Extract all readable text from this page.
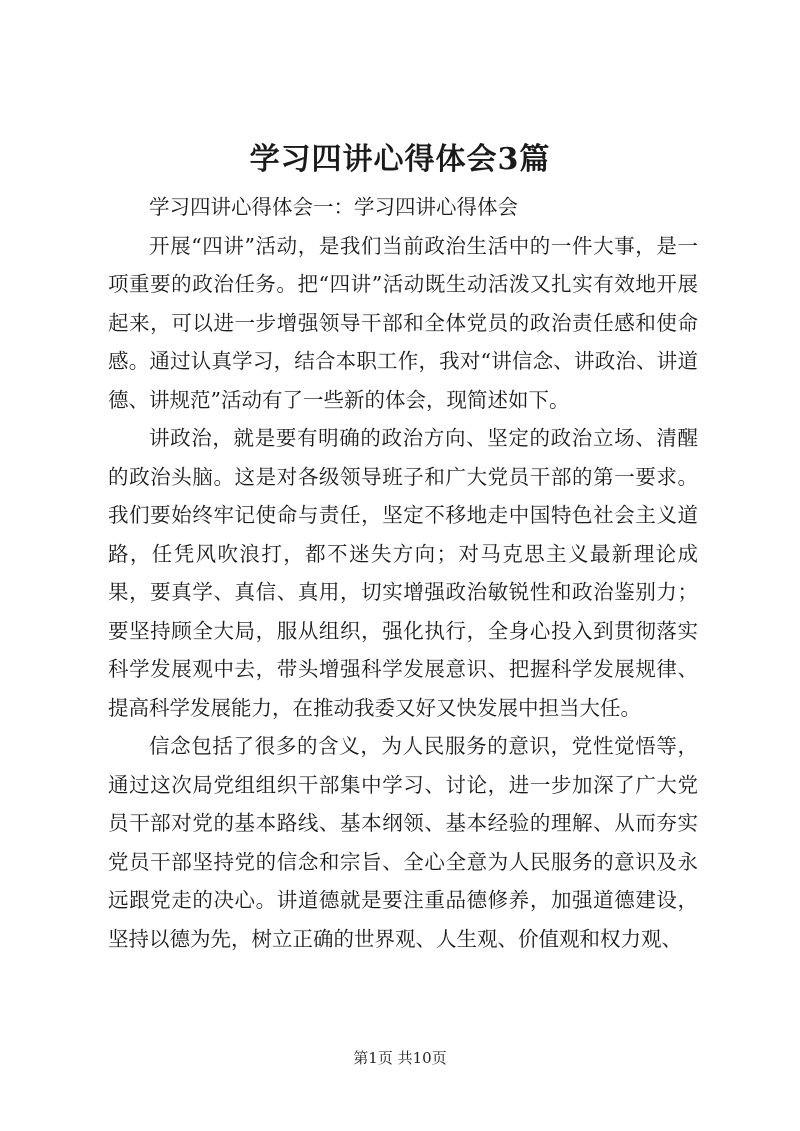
学习四讲心得体会3篇

学习四讲心得体会一：学习四讲心得体会

开展“四讲”活动，是我们当前政治生活中的一件大事，是一项重要的政治任务。把“四讲”活动既生动活泼又扎实有效地开展起来，可以进一步增强领导干部和全体党员的政治责任感和使命感。通过认真学习，结合本职工作，我对“讲信念、讲政治、讲道德、讲规范”活动有了一些新的体会，现简述如下。

讲政治，就是要有明确的政治方向、坚定的政治立场、清醒的政治头脑。这是对各级领导班子和广大党员干部的第一要求。我们要始终牢记使命与责任，坚定不移地走中国特色社会主义道路，任凭风吹浪打，都不迷失方向；对马克思主义最新理论成果，要真学、真信、真用，切实增强政治敏锐性和政治鉴别力；要坚持顾全大局，服从组织，强化执行，全身心投入到贯彻落实科学发展观中去，带头增强科学发展意识、把握科学发展规律、提高科学发展能力，在推动我委又好又快发展中担当大任。

信念包括了很多的含义，为人民服务的意识，党性觉悟等，通过这次局党组组织干部集中学习、讨论，进一步加深了广大党员干部对党的基本路线、基本纲领、基本经验的理解、从而夯实党员干部坚持党的信念和宗旨、全心全意为人民服务的意识及永远跟党走的决心。讲道德就是要注重品德修养，加强道德建设，坚持以德为先，树立正确的世界观、人生观、价值观和权力观、

第1页 共10页
